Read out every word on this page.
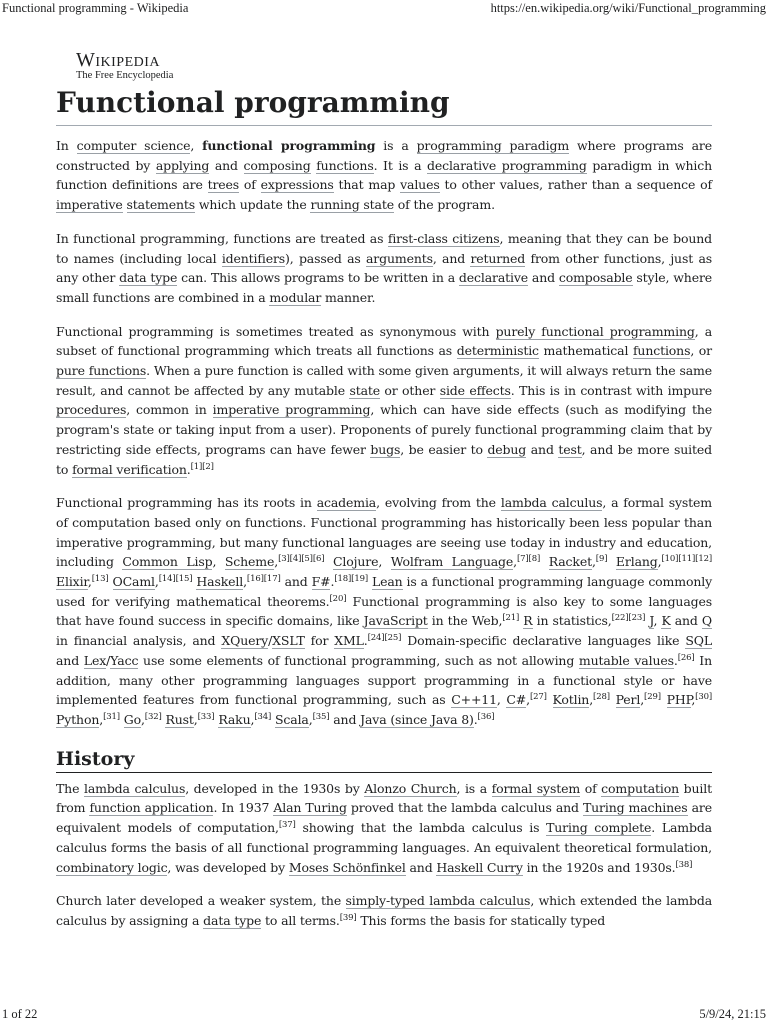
Functional programming - Wikipedia	https://en.wikipedia.org/wiki/Functional_programming
Wikipedia
The Free Encyclopedia
Functional programming

In computer science, functional programming is a programming paradigm where programs are constructed by applying and composing functions. It is a declarative programming paradigm in which function definitions are trees of expressions that map values to other values, rather than a sequence of imperative statements which update the running state of the program.

In functional programming, functions are treated as first-class citizens, meaning that they can be bound to names (including local identifiers), passed as arguments, and returned from other functions, just as any other data type can. This allows programs to be written in a declarative and composable style, where small functions are combined in a modular manner.

Functional programming is sometimes treated as synonymous with purely functional programming, a subset of functional programming which treats all functions as deterministic mathematical functions, or pure functions. When a pure function is called with some given arguments, it will always return the same result, and cannot be affected by any mutable state or other side effects. This is in contrast with impure procedures, common in imperative programming, which can have side effects (such as modifying the program's state or taking input from a user). Proponents of purely functional programming claim that by restricting side effects, programs can have fewer bugs, be easier to debug and test, and be more suited to formal verification.[1][2]

Functional programming has its roots in academia, evolving from the lambda calculus, a formal system of computation based only on functions. Functional programming has historically been less popular than imperative programming, but many functional languages are seeing use today in industry and education, including Common Lisp, Scheme,[3][4][5][6] Clojure, Wolfram Language,[7][8] Racket,[9] Erlang,[10][11][12] Elixir,[13] OCaml,[14][15] Haskell,[16][17] and F#.[18][19] Lean is a functional programming language commonly used for verifying mathematical theorems.[20] Functional programming is also key to some languages that have found success in specific domains, like JavaScript in the Web,[21] R in statistics,[22][23] J, K and Q in financial analysis, and XQuery/XSLT for XML.[24][25] Domain-specific declarative languages like SQL and Lex/Yacc use some elements of functional programming, such as not allowing mutable values.[26] In addition, many other programming languages support programming in a functional style or have implemented features from functional programming, such as C++11, C#,[27] Kotlin,[28] Perl,[29] PHP,[30] Python,[31] Go,[32] Rust,[33] Raku,[34] Scala,[35] and Java (since Java 8).[36]

History

The lambda calculus, developed in the 1930s by Alonzo Church, is a formal system of computation built from function application. In 1937 Alan Turing proved that the lambda calculus and Turing machines are equivalent models of computation,[37] showing that the lambda calculus is Turing complete. Lambda calculus forms the basis of all functional programming languages. An equivalent theoretical formulation, combinatory logic, was developed by Moses Schönfinkel and Haskell Curry in the 1920s and 1930s.[38]

Church later developed a weaker system, the simply-typed lambda calculus, which extended the lambda calculus by assigning a data type to all terms.[39] This forms the basis for statically typed

1 of 22	5/9/24, 21:15
